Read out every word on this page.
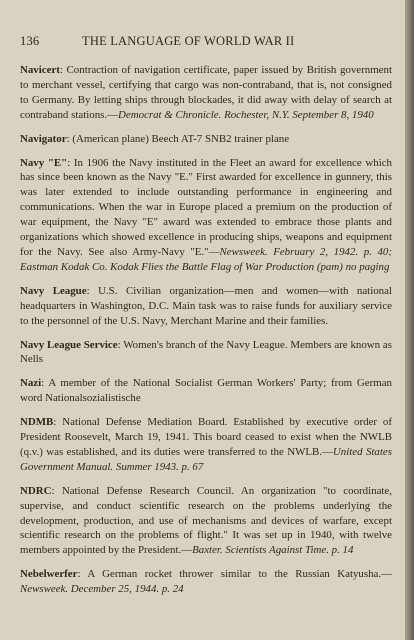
136	THE LANGUAGE OF WORLD WAR II

Navicert: Contraction of navigation certificate, paper issued by British government to merchant vessel, certifying that cargo was non-contraband, that is, not consigned to Germany. By letting ships through blockades, it did away with delay of search at contraband stations.—Democrat & Chronicle. Rochester, N.Y. September 8, 1940

Navigator: (American plane) Beech AT-7 SNB2 trainer plane

Navy "E": In 1906 the Navy instituted in the Fleet an award for excellence which has since been known as the Navy "E." First awarded for excellence in gunnery, this was later extended to include outstanding performance in engineering and communications. When the war in Europe placed a premium on the production of war equipment, the Navy "E" award was extended to embrace those plants and organizations which showed excellence in producing ships, weapons and equipment for the Navy. See also Army-Navy "E."—Newsweek. February 2, 1942. p. 40; Eastman Kodak Co. Kodak Flies the Battle Flag of War Production (pam) no paging

Navy League: U.S. Civilian organization—men and women—with national headquarters in Washington, D.C. Main task was to raise funds for auxiliary service to the personnel of the U.S. Navy, Merchant Marine and their families.

Navy League Service: Women's branch of the Navy League. Members are known as Nells

Nazi: A member of the National Socialist German Workers' Party; from German word Nationalsozialistische

NDMB: National Defense Mediation Board. Established by executive order of President Roosevelt, March 19, 1941. This board ceased to exist when the NWLB (q.v.) was established, and its duties were transferred to the NWLB.—United States Government Manual. Summer 1943. p. 67

NDRC: National Defense Research Council. An organization "to coordinate, supervise, and conduct scientific research on the problems underlying the development, production, and use of mechanisms and devices of warfare, except scientific research on the problems of flight." It was set up in 1940, with twelve members appointed by the President.—Baxter. Scientists Against Time. p. 14

Nebelwerfer: A German rocket thrower similar to the Russian Katyusha.—Newsweek. December 25, 1944. p. 24
